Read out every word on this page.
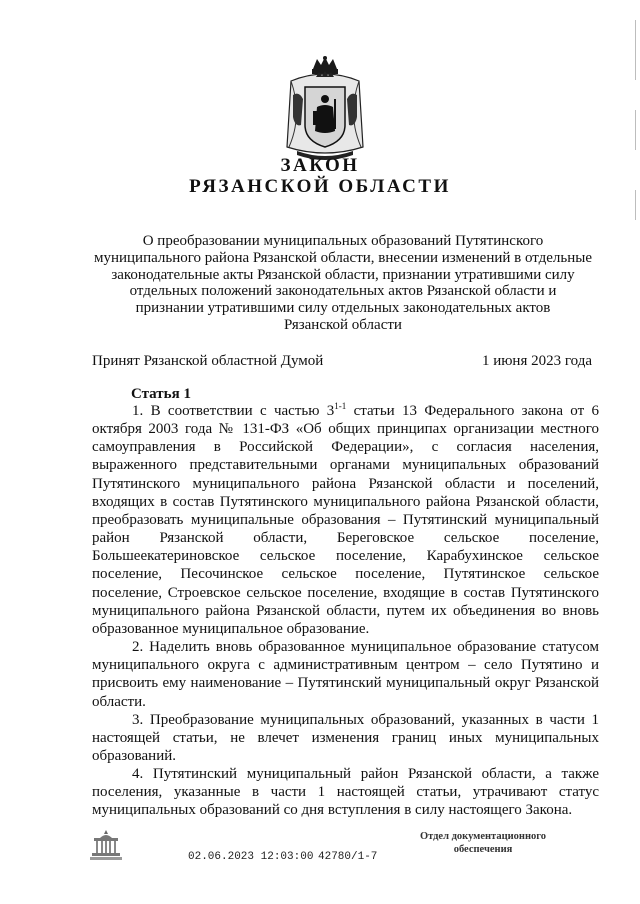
ЗАКОН
РЯЗАНСКОЙ ОБЛАСТИ
О преобразовании муниципальных образований Путятинского
муниципального района Рязанской области, внесении изменений в отдельные
законодательные акты Рязанской области, признании утратившими силу
отдельных положений законодательных актов Рязанской области и
признании утратившими силу отдельных законодательных актов
Рязанской области
Принят Рязанской областной Думой	1 июня 2023 года
Статья 1

1. В соответствии с частью 3$^{1-1}$ статьи 13 Федерального закона от 6 октября 2003 года № 131-ФЗ «Об общих принципах организации местного самоуправления в Российской Федерации», с согласия населения, выраженного представительными органами муниципальных образований Путятинского муниципального района Рязанской области и поселений, входящих в состав Путятинского муниципального района Рязанской области, преобразовать муниципальные образования – Путятинский муниципальный район Рязанской области, Береговское сельское поселение, Большеекатериновское сельское поселение, Карабухинское сельское поселение, Песочинское сельское поселение, Путятинское сельское поселение, Строевское сельское поселение, входящие в состав Путятинского муниципального района Рязанской области, путем их объединения во вновь образованное муниципальное образование.

2. Наделить вновь образованное муниципальное образование статусом муниципального округа с административным центром – село Путятино и присвоить ему наименование – Путятинский муниципальный округ Рязанской области.

3. Преобразование муниципальных образований, указанных в части 1 настоящей статьи, не влечет изменения границ иных муниципальных образований.

4. Путятинский муниципальный район Рязанской области, а также поселения, указанные в части 1 настоящей статьи, утрачивают статус муниципальных образований со дня вступления в силу настоящего Закона.

02.06.2023 12:03:00 42780/1-7
Отдел документационного
обеспечения
